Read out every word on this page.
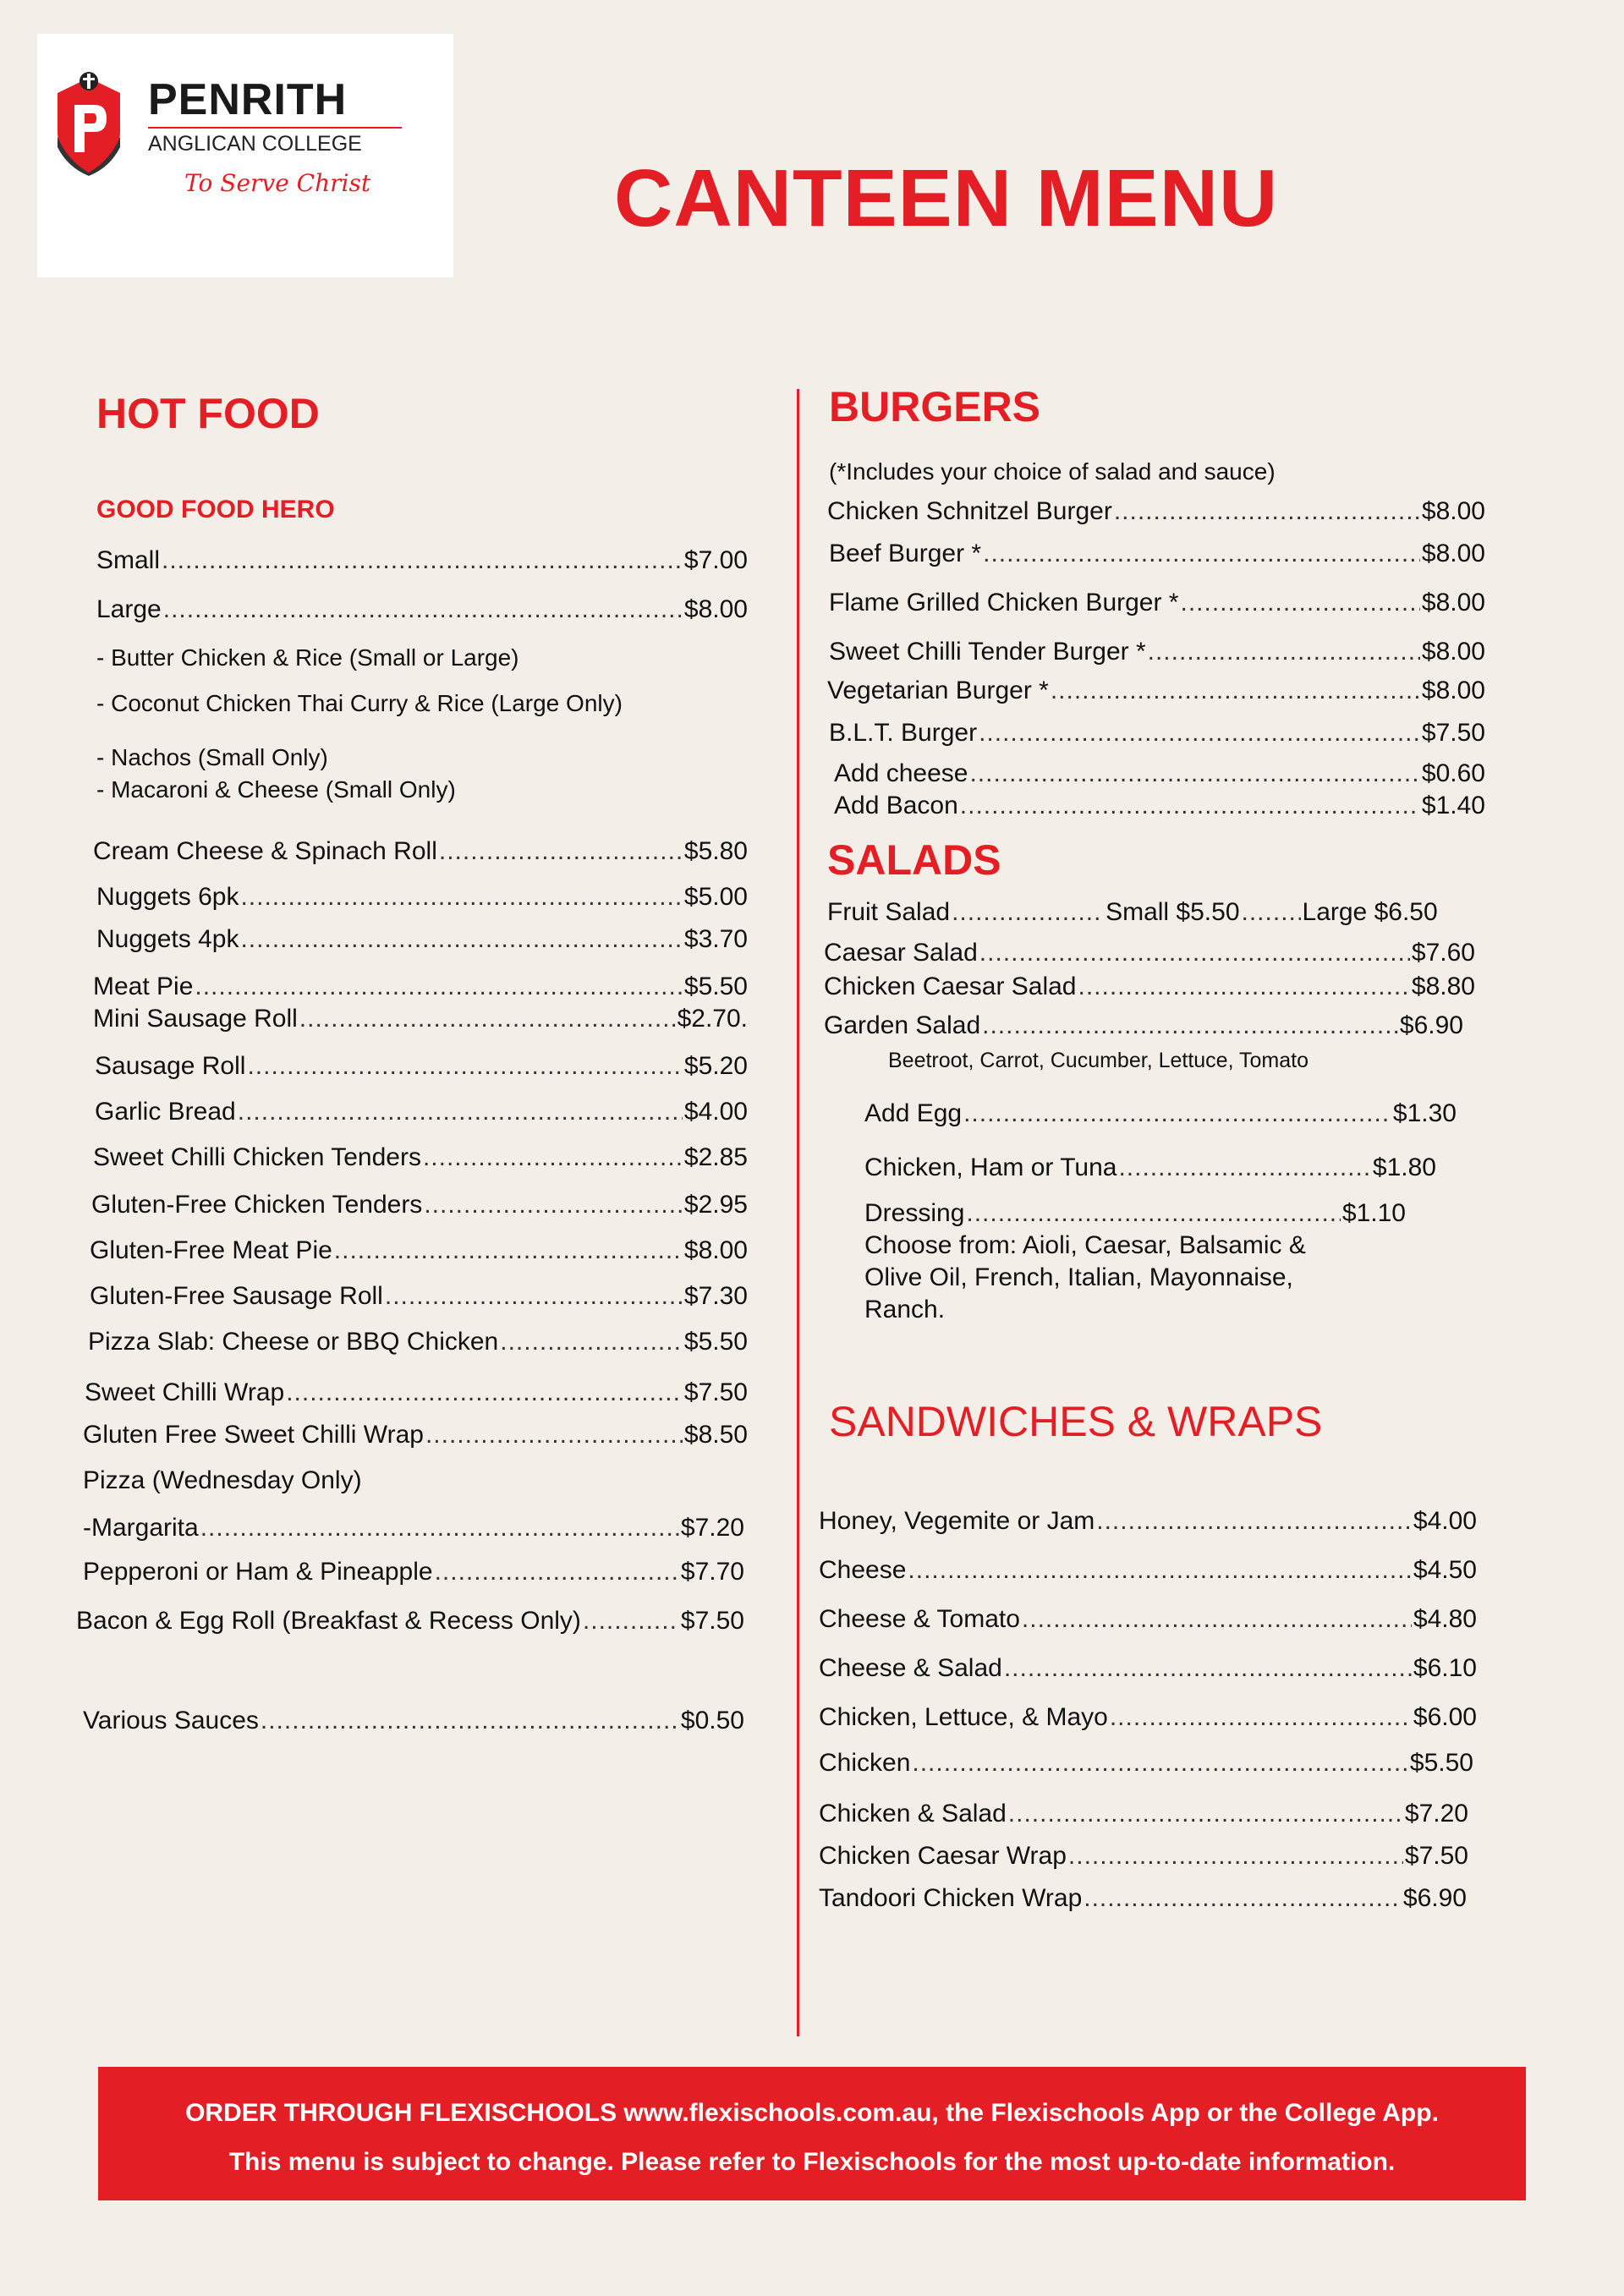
PENRITH
ANGLICAN COLLEGE
To Serve Christ	CANTEEN MENU
HOT FOOD
GOOD FOOD HERO
Small .....	$7.00
Large .....	$8.00
- Butter Chicken & Rice (Small or Large)
- Coconut Chicken Thai Curry & Rice (Large Only)
- Nachos (Small Only)
- Macaroni & Cheese (Small Only)
Cream Cheese & Spinach Roll .....	$5.80
Nuggets 6pk .....	$5.00
Nuggets 4pk .....	$3.70
Meat Pie .....	$5.50
Mini Sausage Roll .....	$2.70.
Sausage Roll .....	$5.20
Garlic Bread .....	$4.00
Sweet Chilli Chicken Tenders .....	$2.85
Gluten-Free Chicken Tenders .....	$2.95
Gluten-Free Meat Pie .....	$8.00
Gluten-Free Sausage Roll .....	$7.30
Pizza Slab: Cheese or BBQ Chicken .....	$5.50
Sweet Chilli Wrap .....	$7.50
Gluten Free Sweet Chilli Wrap .....	$8.50
Pizza (Wednesday Only)
-Margarita .....	$7.20
Pepperoni or Ham & Pineapple .....	$7.70
Bacon & Egg Roll (Breakfast & Recess Only) .....	$7.50
Various Sauces .....	$0.50
BURGERS
(*Includes your choice of salad and sauce)
Chicken Schnitzel Burger .....	$8.00
Beef Burger * .....	$8.00
Flame Grilled Chicken Burger * .....	$8.00
Sweet Chilli Tender Burger * .....	$8.00
Vegetarian Burger * .....	$8.00
B.L.T. Burger .....	$7.50
Add cheese .....	$0.60
Add Bacon .....	$1.40
SALADS
Fruit Salad .....	Small $5.50 ..... Large $6.50
Caesar Salad .....	$7.60
Chicken Caesar Salad .....	$8.80
Garden Salad .....	$6.90
Beetroot, Carrot, Cucumber, Lettuce, Tomato
Add Egg .....	$1.30
Chicken, Ham or Tuna .....	$1.80
Dressing .....	$1.10
Choose from: Aioli, Caesar, Balsamic &
Olive Oil, French, Italian, Mayonnaise,
Ranch.
SANDWICHES & WRAPS
Honey, Vegemite or Jam .....	$4.00
Cheese .....	$4.50
Cheese & Tomato .....	$4.80
Cheese & Salad .....	$6.10
Chicken, Lettuce, & Mayo .....	$6.00
Chicken .....	$5.50
Chicken & Salad .....	$7.20
Chicken Caesar Wrap .....	$7.50
Tandoori Chicken Wrap .....	$6.90
ORDER THROUGH FLEXISCHOOLS www.flexischools.com.au, the Flexischools App or the College App.
This menu is subject to change. Please refer to Flexischools for the most up-to-date information.
